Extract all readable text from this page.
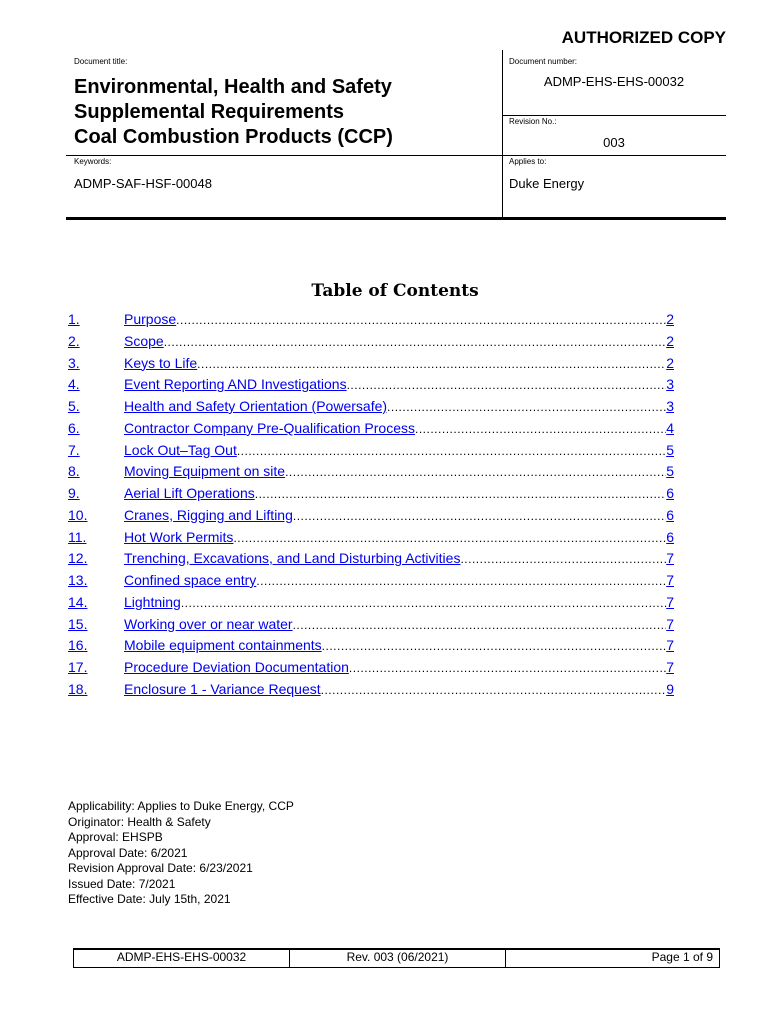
AUTHORIZED COPY
Document title:
Environmental, Health and Safety
Supplemental Requirements
Coal Combustion Products (CCP)
Document number:
ADMP-EHS-EHS-00032
Revision No.:
003
Keywords:
ADMP-SAF-HSF-00048
Applies to:
Duke Energy
Table of Contents
1.	Purpose .....	2
2.	Scope .....	2
3.	Keys to Life .....	2
4.	Event Reporting AND Investigations .....	3
5.	Health and Safety Orientation (Powersafe) .....	3
6.	Contractor Company Pre-Qualification Process .....	4
7.	Lock Out–Tag Out .....	5
8.	Moving Equipment on site .....	5
9.	Aerial Lift Operations .....	6
10.	Cranes, Rigging and Lifting .....	6
11.	Hot Work Permits .....	6
12.	Trenching, Excavations, and Land Disturbing Activities .....	7
13.	Confined space entry .....	7
14.	Lightning .....	7
15.	Working over or near water .....	7
16.	Mobile equipment containments .....	7
17.	Procedure Deviation Documentation .....	7
18.	Enclosure 1 - Variance Request .....	9
Applicability: Applies to Duke Energy, CCP
Originator: Health & Safety
Approval: EHSPB
Approval Date: 6/2021
Revision Approval Date: 6/23/2021
Issued Date: 7/2021
Effective Date: July 15th, 2021
ADMP-EHS-EHS-00032	Rev. 003 (06/2021)	Page 1 of 9
